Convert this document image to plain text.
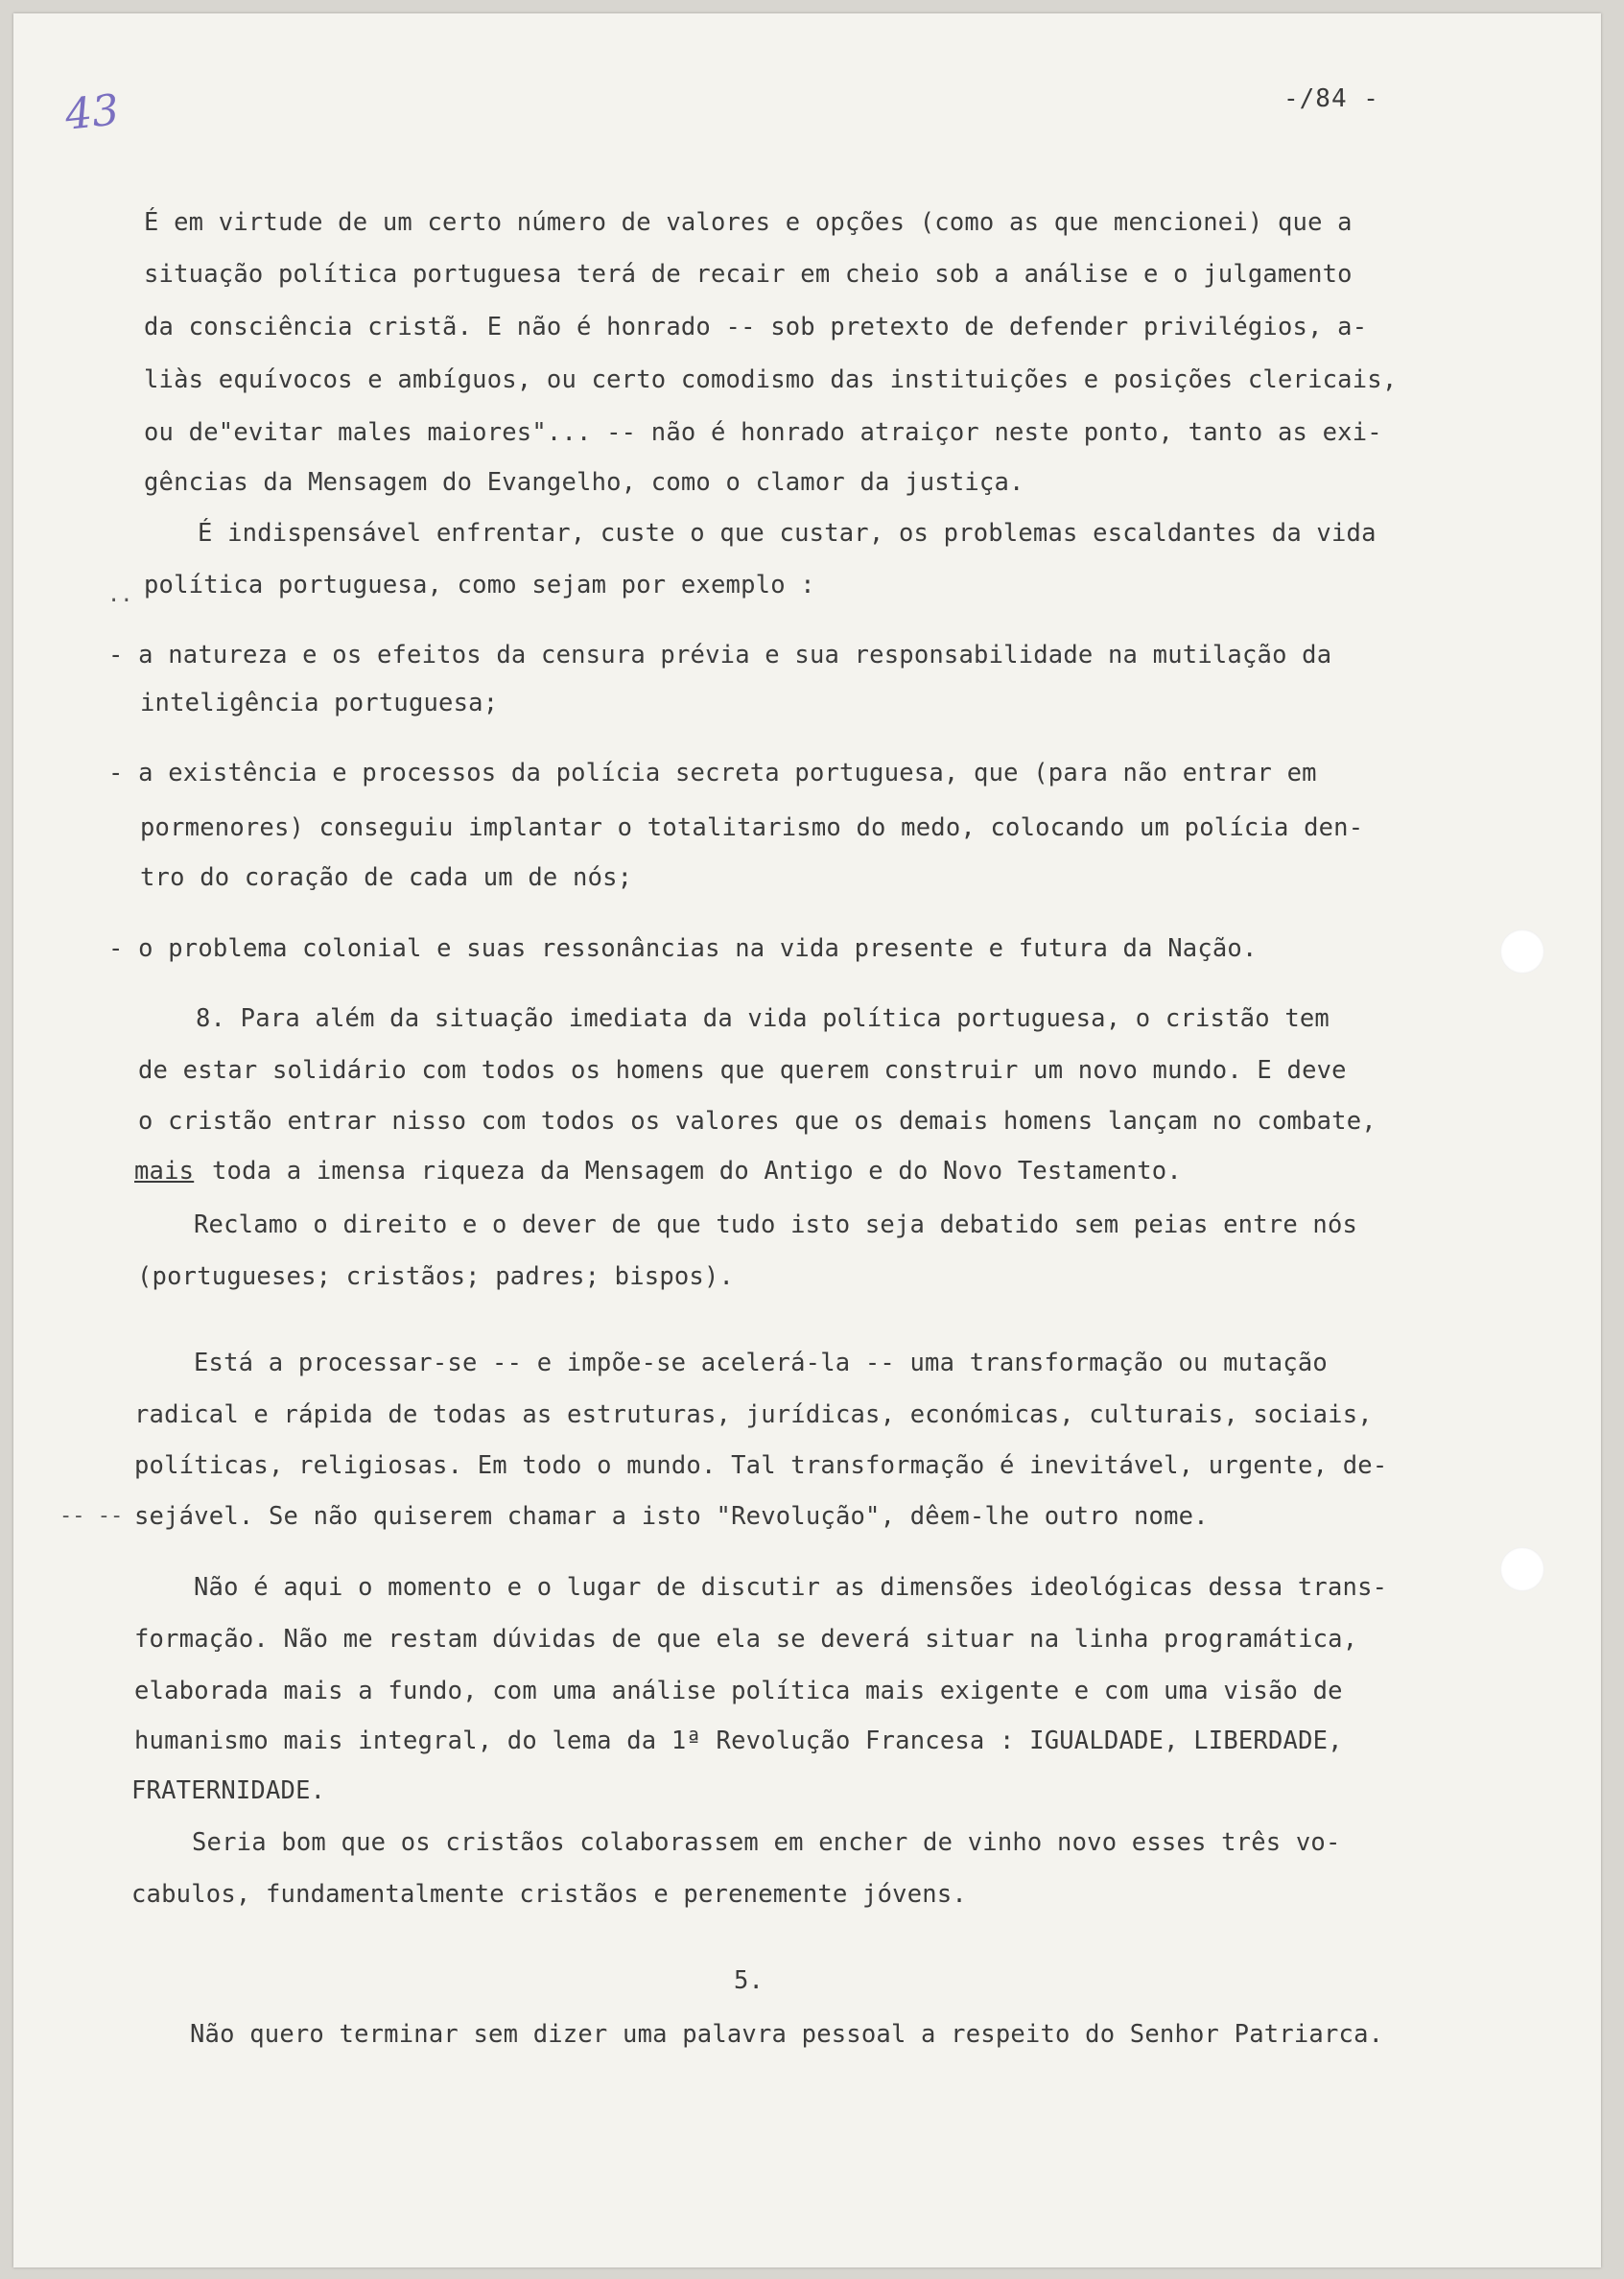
43	-/84 -
..
-- --
É em virtude de um certo número de valores e opções (como as que mencionei) que a
situação política portuguesa terá de recair em cheio sob a análise e o julgamento
da consciência cristã. E não é honrado -- sob pretexto de defender privilégios, a-
liàs equívocos e ambíguos, ou certo comodismo das instituições e posições clericais,
ou de"evitar males maiores"... -- não é honrado atraiçor neste ponto, tanto as exi-
gências da Mensagem do Evangelho, como o clamor da justiça.
É indispensável enfrentar, custe o que custar, os problemas escaldantes da vida
política portuguesa, como sejam por exemplo :
- a natureza e os efeitos da censura prévia e sua responsabilidade na mutilação da
inteligência portuguesa;
- a existência e processos da polícia secreta portuguesa, que (para não entrar em
pormenores) conseguiu implantar o totalitarismo do medo, colocando um polícia den-
tro do coração de cada um de nós;
- o problema colonial e suas ressonâncias na vida presente e futura da Nação.
8. Para além da situação imediata da vida política portuguesa, o cristão tem
de estar solidário com todos os homens que querem construir um novo mundo. E deve
o cristão entrar nisso com todos os valores que os demais homens lançam no combate,
mais toda a imensa riqueza da Mensagem do Antigo e do Novo Testamento.
Reclamo o direito e o dever de que tudo isto seja debatido sem peias entre nós
(portugueses; cristãos; padres; bispos).
Está a processar-se -- e impõe-se acelerá-la -- uma transformação ou mutação
radical e rápida de todas as estruturas, jurídicas, económicas, culturais, sociais,
políticas, religiosas. Em todo o mundo. Tal transformação é inevitável, urgente, de-
sejável. Se não quiserem chamar a isto "Revolução", dêem-lhe outro nome.
Não é aqui o momento e o lugar de discutir as dimensões ideológicas dessa trans-
formação. Não me restam dúvidas de que ela se deverá situar na linha programática,
elaborada mais a fundo, com uma análise política mais exigente e com uma visão de
humanismo mais integral, do lema da 1ª Revolução Francesa : IGUALDADE, LIBERDADE,
FRATERNIDADE.
Seria bom que os cristãos colaborassem em encher de vinho novo esses três vo-
cabulos, fundamentalmente cristãos e perenemente jóvens.
5.
Não quero terminar sem dizer uma palavra pessoal a respeito do Senhor Patriarca.
